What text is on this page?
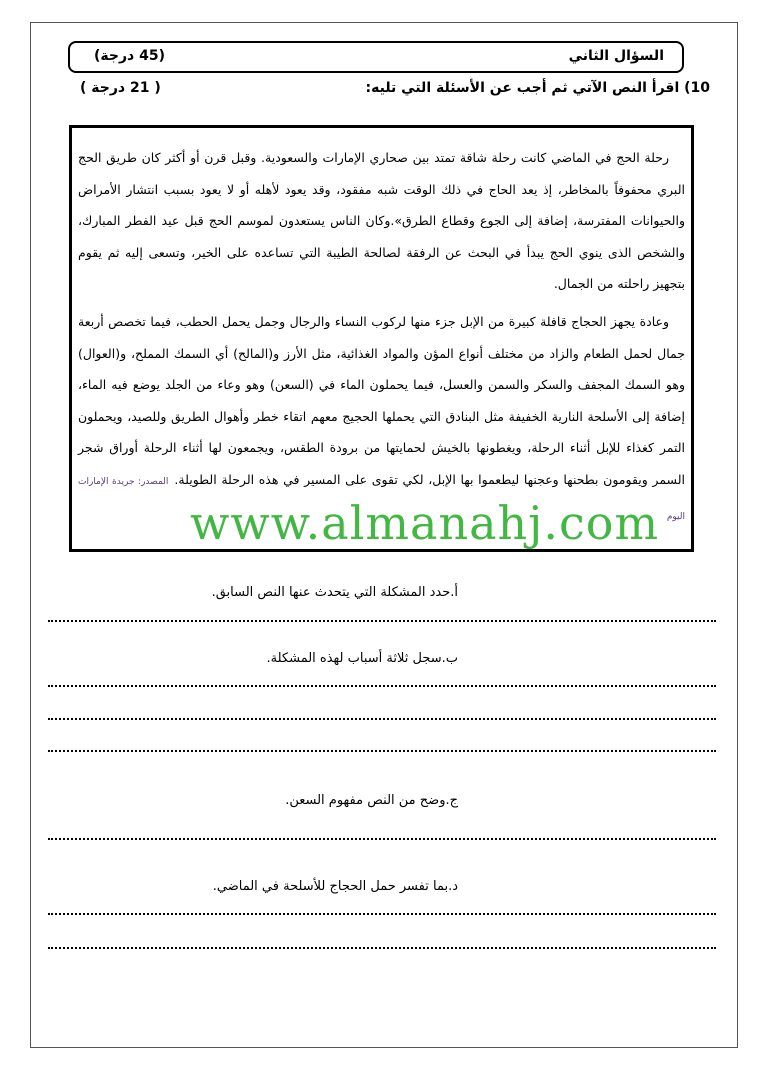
السؤال الثاني
(45 درجة)
10) اقرأ النص الآتي ثم أجب عن الأسئلة التي تليه:
( 21 درجة )
رحلة الحج في الماضي كانت رحلة شاقة تمتد بين صحاري الإمارات والسعودية. وقبل قرن أو أكثر كان طريق الحج البري محفوفاً بالمخاطر، إذ يعد الحاج في ذلك الوقت شبه مفقود، وقد يعود لأهله أو لا يعود بسبب انتشار الأمراض والحيوانات المفترسة، إضافة إلى الجوع وقطاع الطرق».وكان الناس يستعدون لموسم الحج قبل عيد الفطر المبارك، والشخص الذى ينوي الحج يبدأ في البحث عن الرفقة لصالحة الطيبة التي تساعده على الخير، وتسعى إليه ثم يقوم بتجهيز راحلته من الجمال.
وعادة يجهز الحجاج قافلة كبيرة من الإبل جزء منها لركوب النساء والرجال وجمل يحمل الحطب، فيما تخصص أربعة جمال لحمل الطعام والزاد من مختلف أنواع المؤن والمواد الغذائية، مثل الأرز و(المالح) أي السمك المملح، و(العوال) وهو السمك المجفف والسكر والسمن والعسل، فيما يحملون الماء في (السعن) وهو وعاء من الجلد يوضع فيه الماء، إضافة إلى الأسلحة النارية الخفيفة مثل البنادق التي يحملها الحجيج معهم اتقاء خطر وأهوال الطريق وللصيد، ويحملون التمر كغذاء للإبل أثناء الرحلة، ويغطونها بالخيش لحمايتها من برودة الطقس، ويجمعون لها أثناء الرحلة أوراق شجر السمر ويقومون بطحنها وعجنها ليطعموا بها الإبل، لكي تقوى على المسير في هذه الرحلة الطويلة.المصدر: جريدة الإمارات اليوم
www.almanahj.com
أ.حدد المشكلة التي يتحدث عنها النص السابق.
ب.سجل ثلاثة أسباب لهذه المشكلة.
ج.وضح من النص مفهوم السعن.
د.بما تفسر حمل الحجاج للأسلحة في الماضي.
